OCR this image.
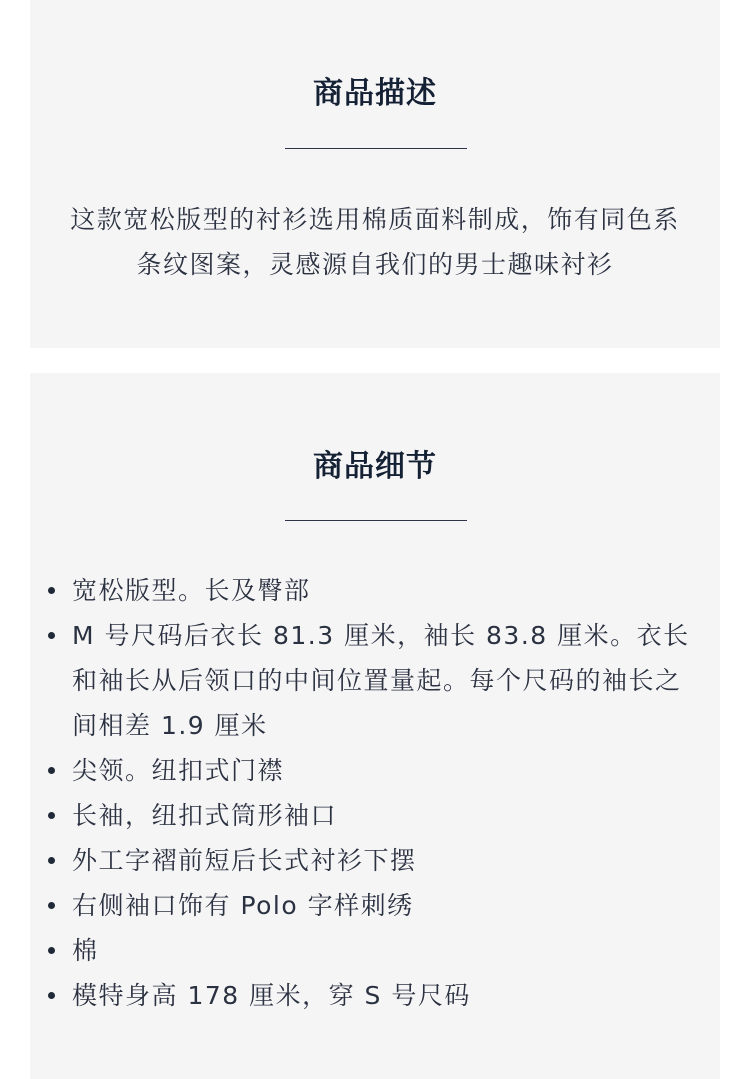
商品描述
这款宽松版型的衬衫选用棉质面料制成，饰有同色系条纹图案，灵感源自我们的男士趣味衬衫
商品细节
宽松版型。长及臀部
M 号尺码后衣长 81.3 厘米，袖长 83.8 厘米。衣长和袖长从后领口的中间位置量起。每个尺码的袖长之间相差 1.9 厘米
尖领。纽扣式门襟
长袖，纽扣式筒形袖口
外工字褶前短后长式衬衫下摆
右侧袖口饰有 Polo 字样刺绣
棉
模特身高 178 厘米，穿 S 号尺码
